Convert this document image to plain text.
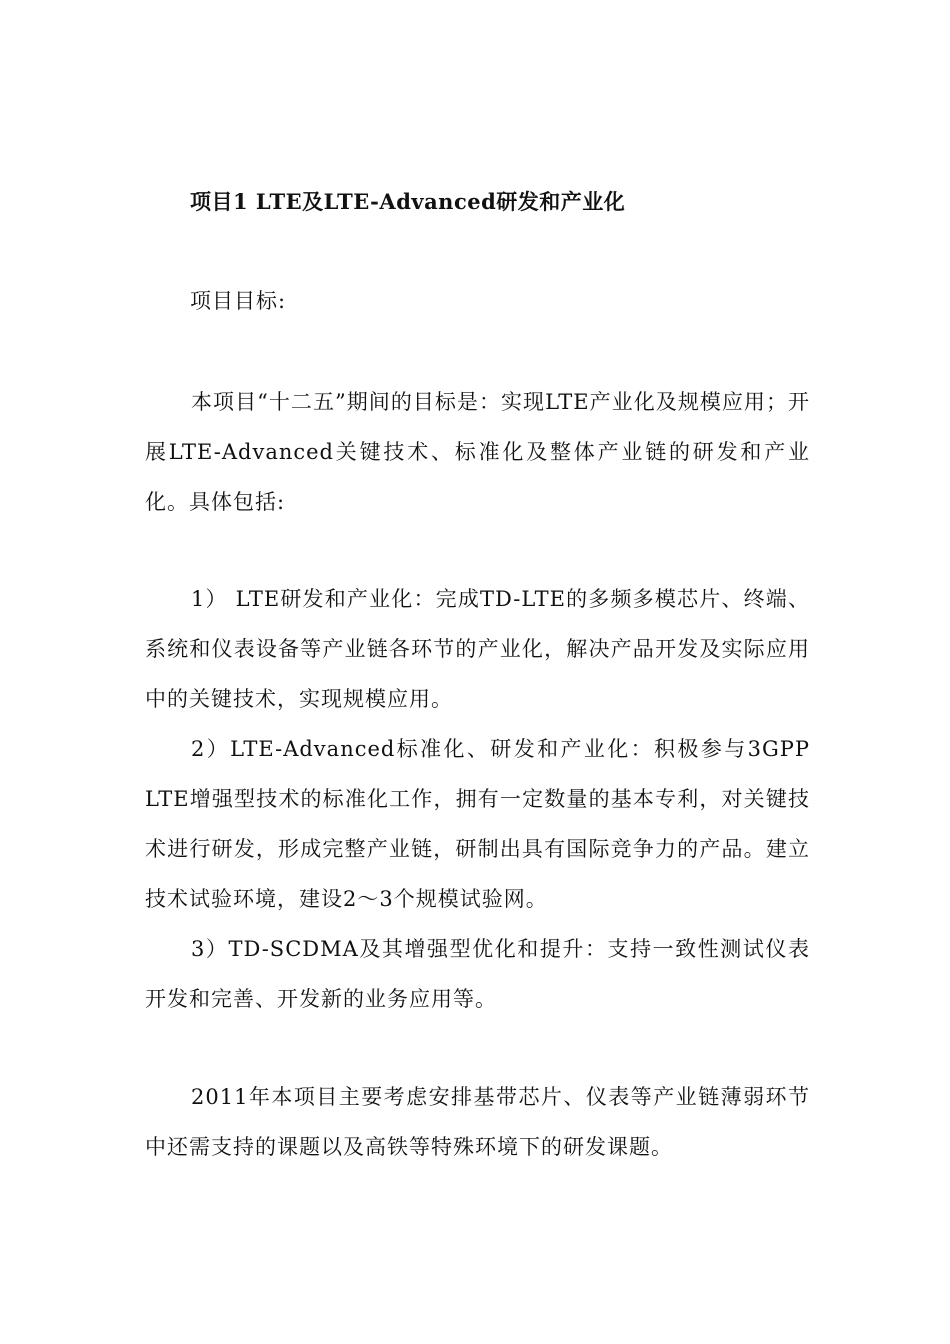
项目1 LTE及LTE-Advanced研发和产业化
项目目标:
本项目“十二五”期间的目标是：实现LTE产业化及规模应用；开展LTE-Advanced关键技术、标准化及整体产业链的研发和产业化。具体包括:
1） LTE研发和产业化：完成TD-LTE的多频多模芯片、终端、系统和仪表设备等产业链各环节的产业化，解决产品开发及实际应用中的关键技术，实现规模应用。
2）LTE-Advanced标准化、研发和产业化：积极参与3GPP LTE增强型技术的标准化工作，拥有一定数量的基本专利，对关键技术进行研发，形成完整产业链，研制出具有国际竞争力的产品。建立技术试验环境，建设2～3个规模试验网。
3）TD-SCDMA及其增强型优化和提升：支持一致性测试仪表开发和完善、开发新的业务应用等。
2011年本项目主要考虑安排基带芯片、仪表等产业链薄弱环节中还需支持的课题以及高铁等特殊环境下的研发课题。
